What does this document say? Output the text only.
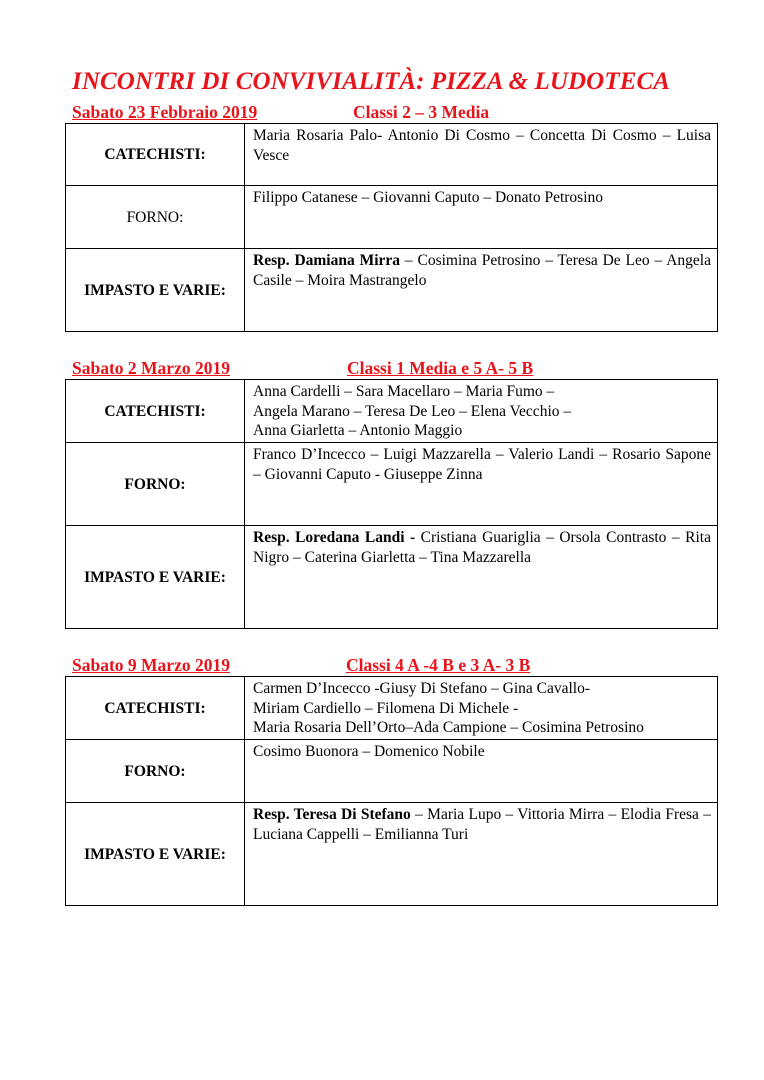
INCONTRI DI CONVIVIALITÀ: PIZZA & LUDOTECA
Sabato 23 Febbraio 2019	Classi 2 – 3 Media
CATECHISTI:	Maria Rosaria Palo- Antonio Di Cosmo – Concetta Di Cosmo – Luisa Vesce
FORNO:	Filippo Catanese – Giovanni Caputo – Donato Petrosino
IMPASTO E VARIE:	Resp. Damiana Mirra – Cosimina Petrosino – Teresa De Leo – Angela Casile – Moira Mastrangelo
Sabato 2 Marzo 2019	Classi 1 Media e 5 A- 5 B
CATECHISTI:	Anna Cardelli – Sara Macellaro – Maria Fumo –
Angela Marano – Teresa De Leo – Elena Vecchio –
Anna Giarletta – Antonio Maggio

FORNO:	Franco D’Incecco – Luigi Mazzarella – Valerio Landi – Rosario Sapone – Giovanni Caputo - Giuseppe Zinna
IMPASTO E VARIE:	Resp. Loredana Landi - Cristiana Guariglia – Orsola Contrasto – Rita Nigro – Caterina Giarletta – Tina Mazzarella
Sabato 9 Marzo 2019	Classi 4 A -4 B e 3 A- 3 B
CATECHISTI:	Carmen D’Incecco -Giusy Di Stefano – Gina Cavallo-
Miriam Cardiello – Filomena Di Michele -
Maria Rosaria Dell’Orto–Ada Campione – Cosimina Petrosino

FORNO:	Cosimo Buonora – Domenico Nobile
IMPASTO E VARIE:	Resp. Teresa Di Stefano – Maria Lupo – Vittoria Mirra – Elodia Fresa – Luciana Cappelli – Emilianna Turi
